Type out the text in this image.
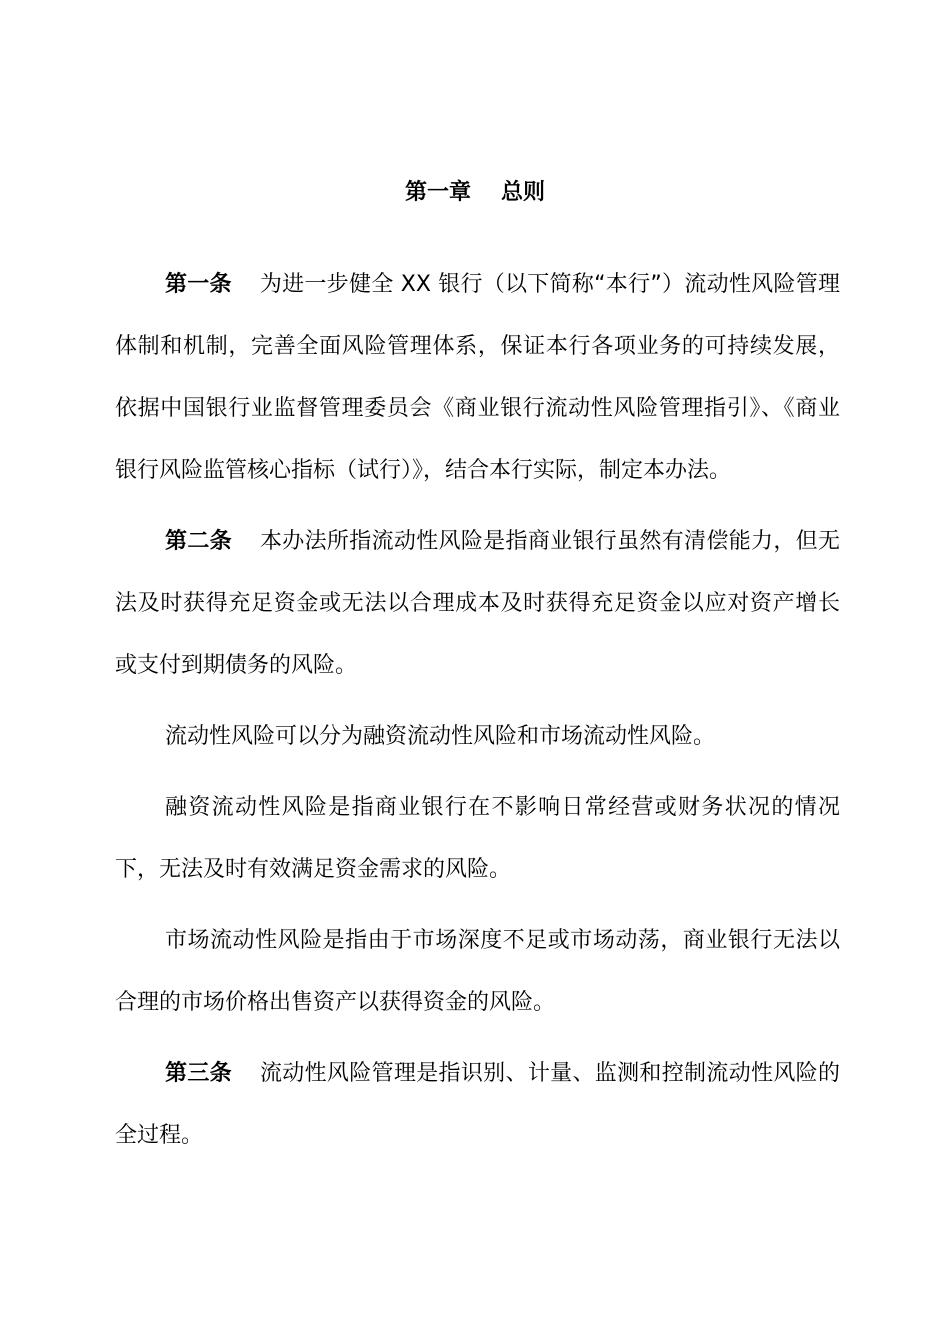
第一章 总则

第一条 为进一步健全 XX 银行（以下简称“本行”）流动性风险管理体制和机制，完善全面风险管理体系，保证本行各项业务的可持续发展，依据中国银行业监督管理委员会《商业银行流动性风险管理指引》、《商业银行风险监管核心指标（试行）》，结合本行实际，制定本办法。

第二条 本办法所指流动性风险是指商业银行虽然有清偿能力，但无法及时获得充足资金或无法以合理成本及时获得充足资金以应对资产增长或支付到期债务的风险。

流动性风险可以分为融资流动性风险和市场流动性风险。

融资流动性风险是指商业银行在不影响日常经营或财务状况的情况下，无法及时有效满足资金需求的风险。

市场流动性风险是指由于市场深度不足或市场动荡，商业银行无法以合理的市场价格出售资产以获得资金的风险。

第三条 流动性风险管理是指识别、计量、监测和控制流动性风险的全过程。
